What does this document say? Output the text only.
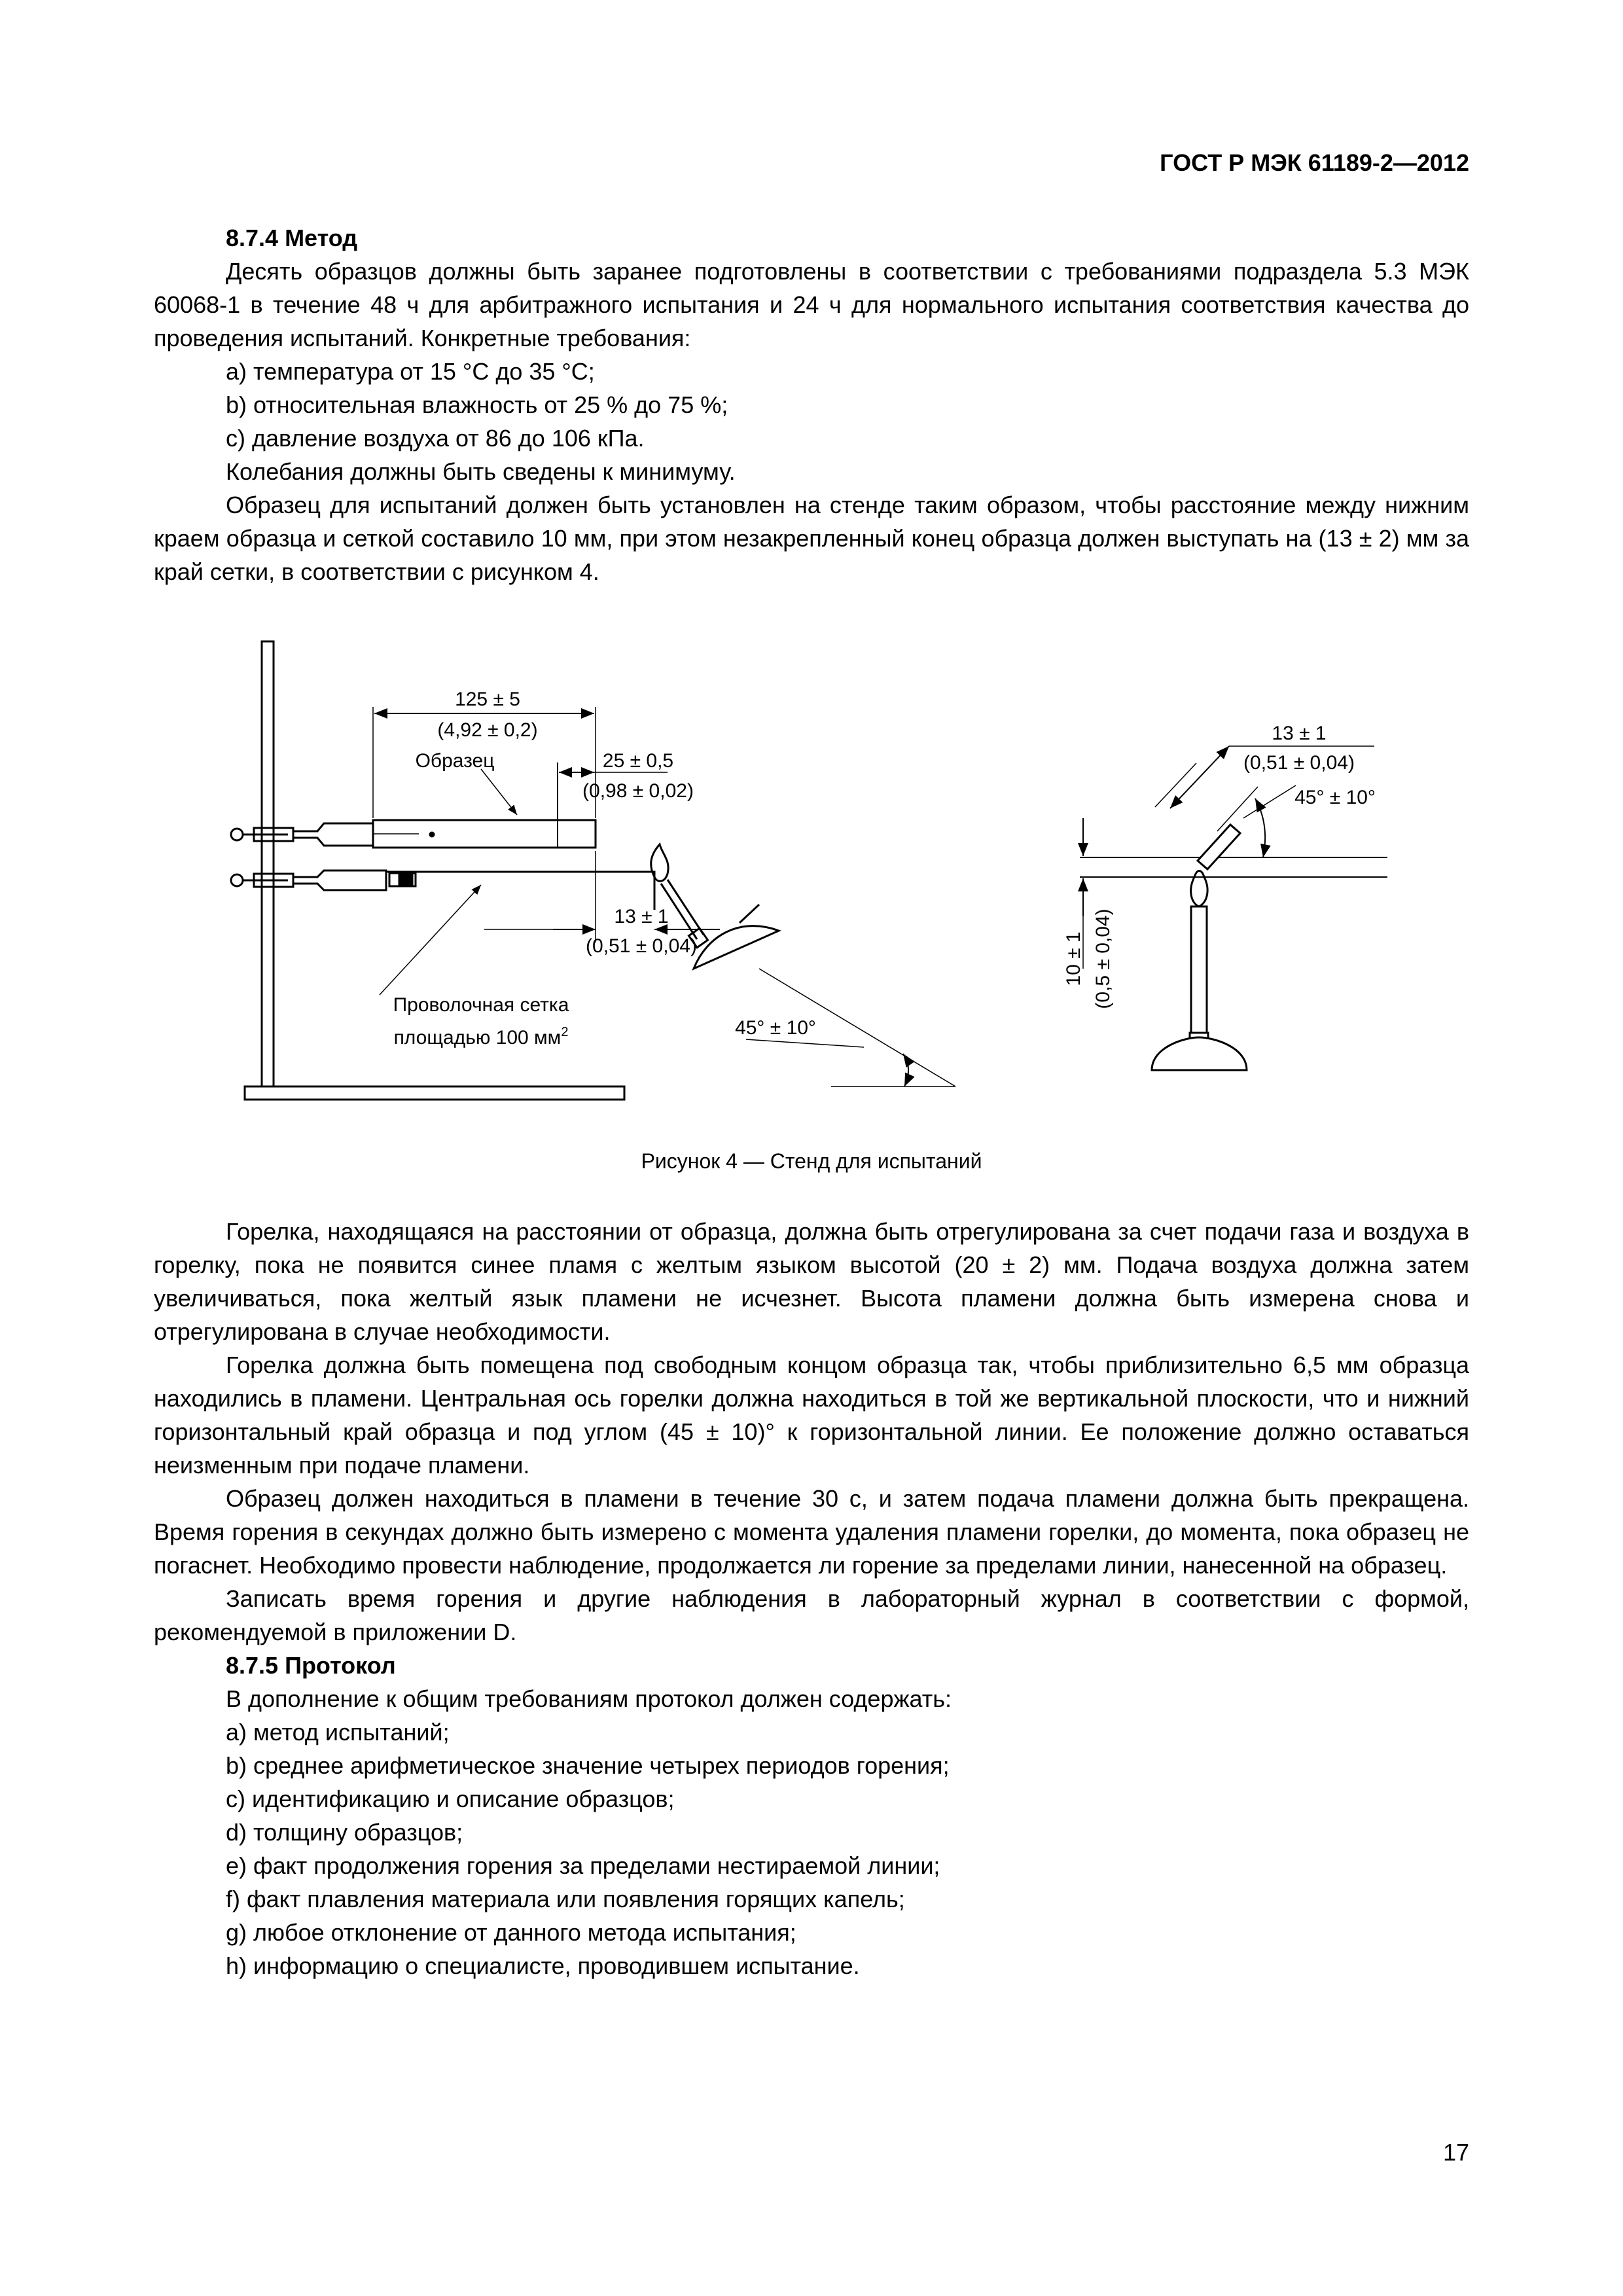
ГОСТ Р МЭК 61189-2—2012

8.7.4 Метод

Десять образцов должны быть заранее подготовлены в соответствии с требованиями подраздела 5.3 МЭК 60068-1 в течение 48 ч для арбитражного испытания и 24 ч для нормального испытания соответствия качества до проведения испытаний. Конкретные требования:

а) температура от 15 °С до 35 °С;

b) относительная влажность от 25 % до 75 %;

с) давление воздуха от 86 до 106 кПа.

Колебания должны быть сведены к минимуму.

Образец для испытаний должен быть установлен на стенде таким образом, чтобы расстояние между нижним краем образца и сеткой составило 10 мм, при этом незакрепленный конец образца должен выступать на (13 ± 2) мм за край сетки, в соответствии с рисунком 4.

125 ± 5
(4,92 ± 0,2)
Образец	25 ± 0,5
(0,98 ± 0,02)
13 ± 1
(0,51 ± 0,04)
Проволочная сетка
площадью 100 $мм^2$	45° ± 10°
13 ± 1
(0,51 ± 0,04)
45° ± 10°
10 ± 1 (0,5 ± 0,04)
Рисунок 4 — Стенд для испытаний

Горелка, находящаяся на расстоянии от образца, должна быть отрегулирована за счет подачи газа и воздуха в горелку, пока не появится синее пламя с желтым языком высотой (20 ± 2) мм. Подача воздуха должна затем увеличиваться, пока желтый язык пламени не исчезнет. Высота пламени должна быть измерена снова и отрегулирована в случае необходимости.

Горелка должна быть помещена под свободным концом образца так, чтобы приблизительно 6,5 мм образца находились в пламени. Центральная ось горелки должна находиться в той же вертикальной плоскости, что и нижний горизонтальный край образца и под углом (45 ± 10)° к горизонтальной линии. Ее положение должно оставаться неизменным при подаче пламени.

Образец должен находиться в пламени в течение 30 с, и затем подача пламени должна быть прекращена. Время горения в секундах должно быть измерено с момента удаления пламени горелки, до момента, пока образец не погаснет. Необходимо провести наблюдение, продолжается ли горение за пределами линии, нанесенной на образец.

Записать время горения и другие наблюдения в лабораторный журнал в соответствии с формой, рекомендуемой в приложении D.

8.7.5 Протокол

В дополнение к общим требованиям протокол должен содержать:

а) метод испытаний;

b) среднее арифметическое значение четырех периодов горения;

с) идентификацию и описание образцов;

d) толщину образцов;

е) факт продолжения горения за пределами нестираемой линии;

f) факт плавления материала или появления горящих капель;

g) любое отклонение от данного метода испытания;

h) информацию о специалисте, проводившем испытание.

17
